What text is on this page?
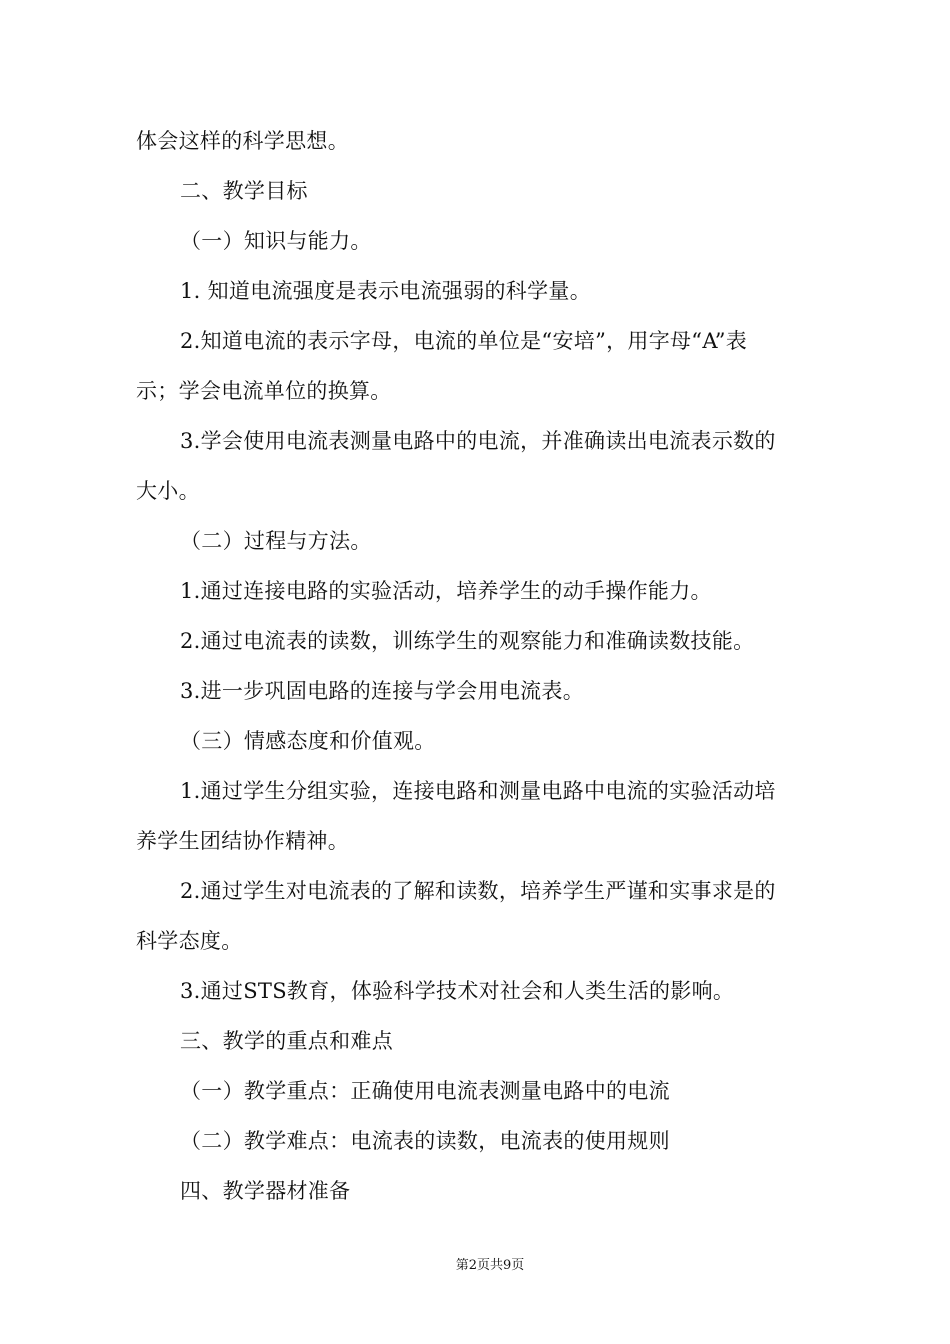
体会这样的科学思想。
二、教学目标
（一）知识与能力。
1. 知道电流强度是表示电流强弱的科学量。
2.知道电流的表示字母，电流的单位是“安培”，用字母“A”表
示；学会电流单位的换算。
3.学会使用电流表测量电路中的电流，并准确读出电流表示数的
大小。
（二）过程与方法。
1.通过连接电路的实验活动，培养学生的动手操作能力。
2.通过电流表的读数，训练学生的观察能力和准确读数技能。
3.进一步巩固电路的连接与学会用电流表。
（三）情感态度和价值观。
1.通过学生分组实验，连接电路和测量电路中电流的实验活动培
养学生团结协作精神。
2.通过学生对电流表的了解和读数，培养学生严谨和实事求是的
科学态度。
3.通过STS教育，体验科学技术对社会和人类生活的影响。
三、教学的重点和难点
（一）教学重点：正确使用电流表测量电路中的电流
（二）教学难点：电流表的读数，电流表的使用规则
四、教学器材准备
第2页共9页
